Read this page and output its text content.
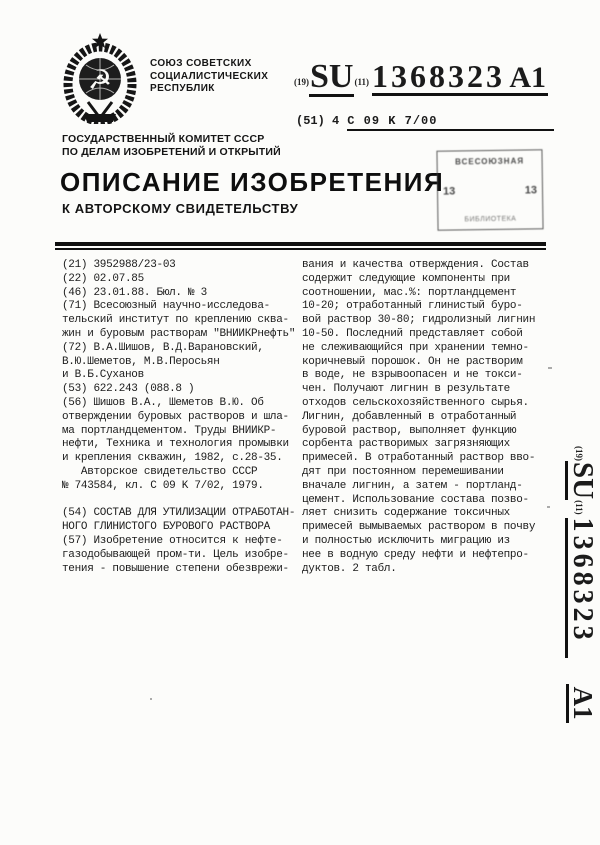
☭
СОЮЗ СОВЕТСКИХ
СОЦИАЛИСТИЧЕСКИХ
РЕСПУБЛИК
ГОСУДАРСТВЕННЫЙ КОМИТЕТ СССР
ПО ДЕЛАМ ИЗОБРЕТЕНИЙ И ОТКРЫТИЙ
(19) SU (11) 1368323 A1
(51) 4 C 09 K 7/00
ОПИСАНИЕ ИЗОБРЕТЕНИЯ
К АВТОРСКОМУ СВИДЕТЕЛЬСТВУ
ВСЕСОЮЗНАЯ
13	13
БИБЛИОТЕКА
(21) 3952988/23-03
(22) 02.07.85
(46) 23.01.88. Бюл. № 3
(71) Всесоюзный научно-исследова-
тельский институт по креплению сква-
жин и буровым растворам "ВНИИКРнефть"
(72) В.А.Шишов, В.Д.Варановский,
В.Ю.Шеметов, М.В.Перосьян
и В.Б.Суханов
(53) 622.243 (088.8 )
(56) Шишов В.А., Шеметов В.Ю. Об
отверждении буровых растворов и шла-
ма портландцементом. Труды ВНИИКР-
нефти, Техника и технология промывки
и крепления скважин, 1982, с.28-35.
Авторское свидетельство СССР
№ 743584, кл. C 09 K 7/02, 1979.

(54) СОСТАВ ДЛЯ УТИЛИЗАЦИИ ОТРАБОТАН-
НОГО ГЛИНИСТОГО БУРОВОГО РАСТВОРА
(57) Изобретение относится к нефте-
газодобывающей пром-ти. Цель изобре-
тения - повышение степени обезврежи-
вания и качества отверждения. Состав
содержит следующие компоненты при
соотношении, мас.%: портландцемент
10-20; отработанный глинистый буро-
вой раствор 30-80; гидролизный лигнин
10-50. Последний представляет собой
не слеживающийся при хранении темно-
коричневый порошок. Он не растворим
в воде, не взрывоопасен и не токси-
чен. Получают лигнин в результате
отходов сельскохозяйственного сырья.
Лигнин, добавленный в отработанный
буровой раствор, выполняет функцию
сорбента растворимых загрязняющих
примесей. В отработанный раствор вво-
дят при постоянном перемешивании
вначале лигнин, а затем - портланд-
цемент. Использование состава позво-
ляет снизить содержание токсичных
примесей вымываемых раствором в почву
и полностью исключить миграцию из
нее в водную среду нефти и нефтепро-
дуктов. 2 табл.
(19)
SU
(11)
1368323
A1
